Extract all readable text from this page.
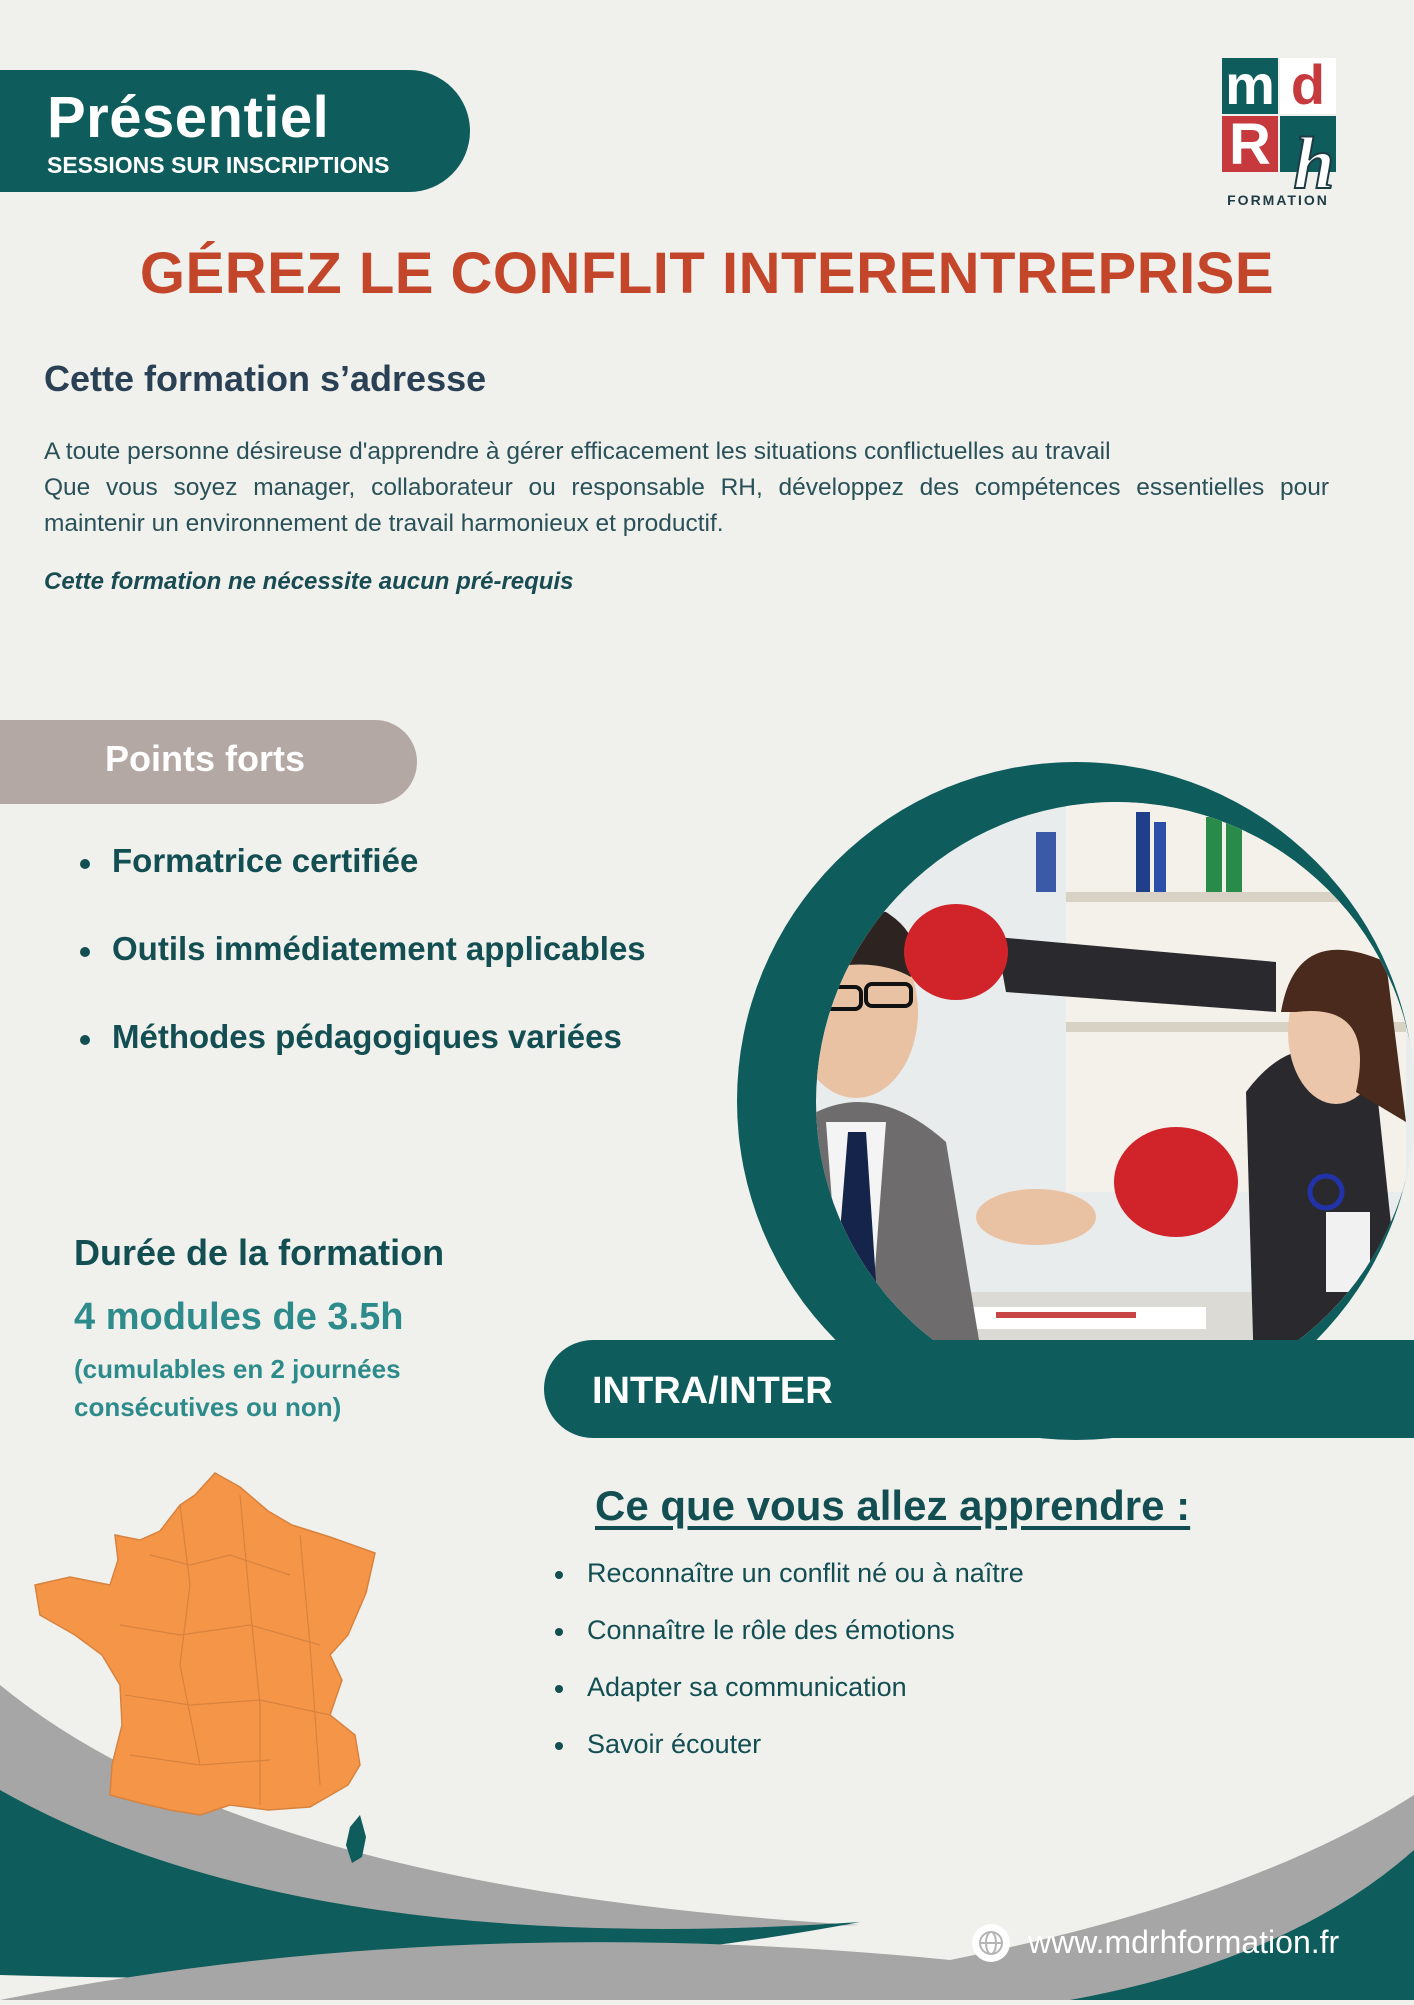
Présentiel
SESSIONS SUR INSCRIPTIONS
m d
R h
FORMATION
GÉREZ LE CONFLIT INTERENTREPRISE
Cette formation s’adresse

A toute personne désireuse d'apprendre à gérer efficacement les situations conflictuelles au travail

Que vous soyez manager, collaborateur ou responsable RH, développez des compétences essentielles pour maintenir un environnement de travail harmonieux et productif.

Cette formation ne nécessite aucun pré-requis
Points forts
Formatrice certifiée
Outils immédiatement applicables
Méthodes pédagogiques variées
INTRA/INTER
Durée de la formation
4 modules de 3.5h
(cumulables en 2 journées consécutives ou non)
Ce que vous allez apprendre :
Reconnaître un conflit né ou à naître
Connaître le rôle des émotions
Adapter sa communication
Savoir écouter
www.mdrhformation.fr
